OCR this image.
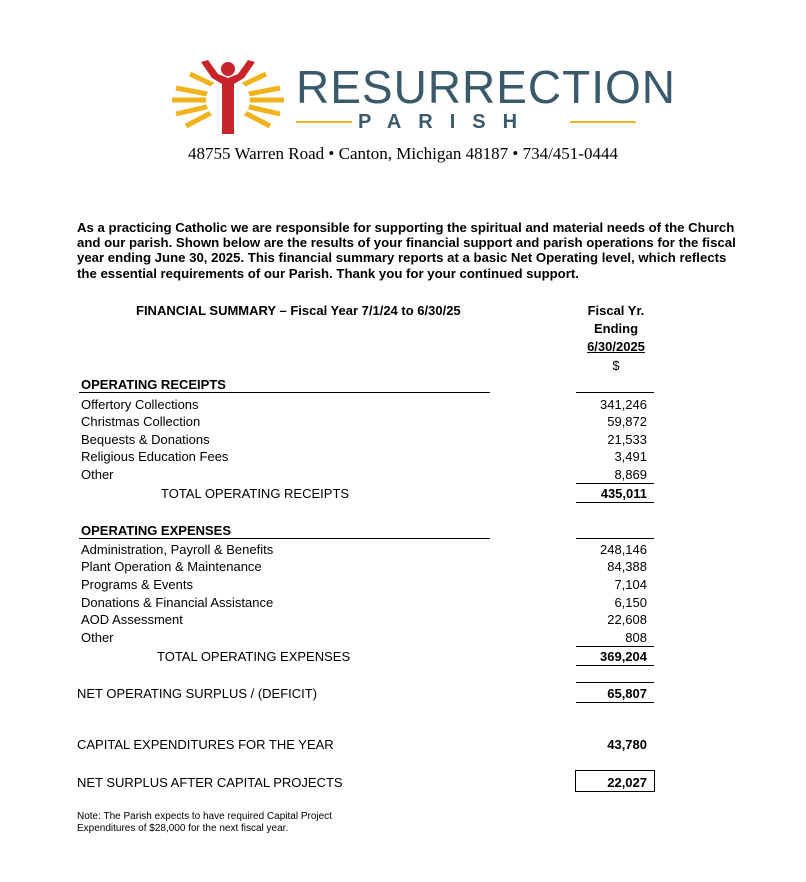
RESURRECTION
PARISH
48755 Warren Road • Canton, Michigan 48187 • 734/451-0444
As a practicing Catholic we are responsible for supporting the spiritual and material needs of the Church and our parish. Shown below are the results of your financial support and parish operations for the fiscal year ending June 30, 2025. This financial summary reports at a basic Net Operating level, which reflects the essential requirements of our Parish. Thank you for your continued support.
FINANCIAL SUMMARY – Fiscal Year 7/1/24 to 6/30/25	Fiscal Yr.
Ending
6/30/2025
$
OPERATING RECEIPTS
Offertory Collections	341,246
Christmas Collection	59,872
Bequests & Donations	21,533
Religious Education Fees	3,491
Other	8,869
TOTAL OPERATING RECEIPTS	435,011
OPERATING EXPENSES
Administration, Payroll & Benefits	248,146
Plant Operation & Maintenance	84,388
Programs & Events	7,104
Donations & Financial Assistance	6,150
AOD Assessment	22,608
Other	808
TOTAL OPERATING EXPENSES	369,204
NET OPERATING SURPLUS / (DEFICIT)	65,807
CAPITAL EXPENDITURES FOR THE YEAR	43,780
NET SURPLUS AFTER CAPITAL PROJECTS	22,027
Note: The Parish expects to have required Capital Project Expenditures of $28,000 for the next fiscal year.
